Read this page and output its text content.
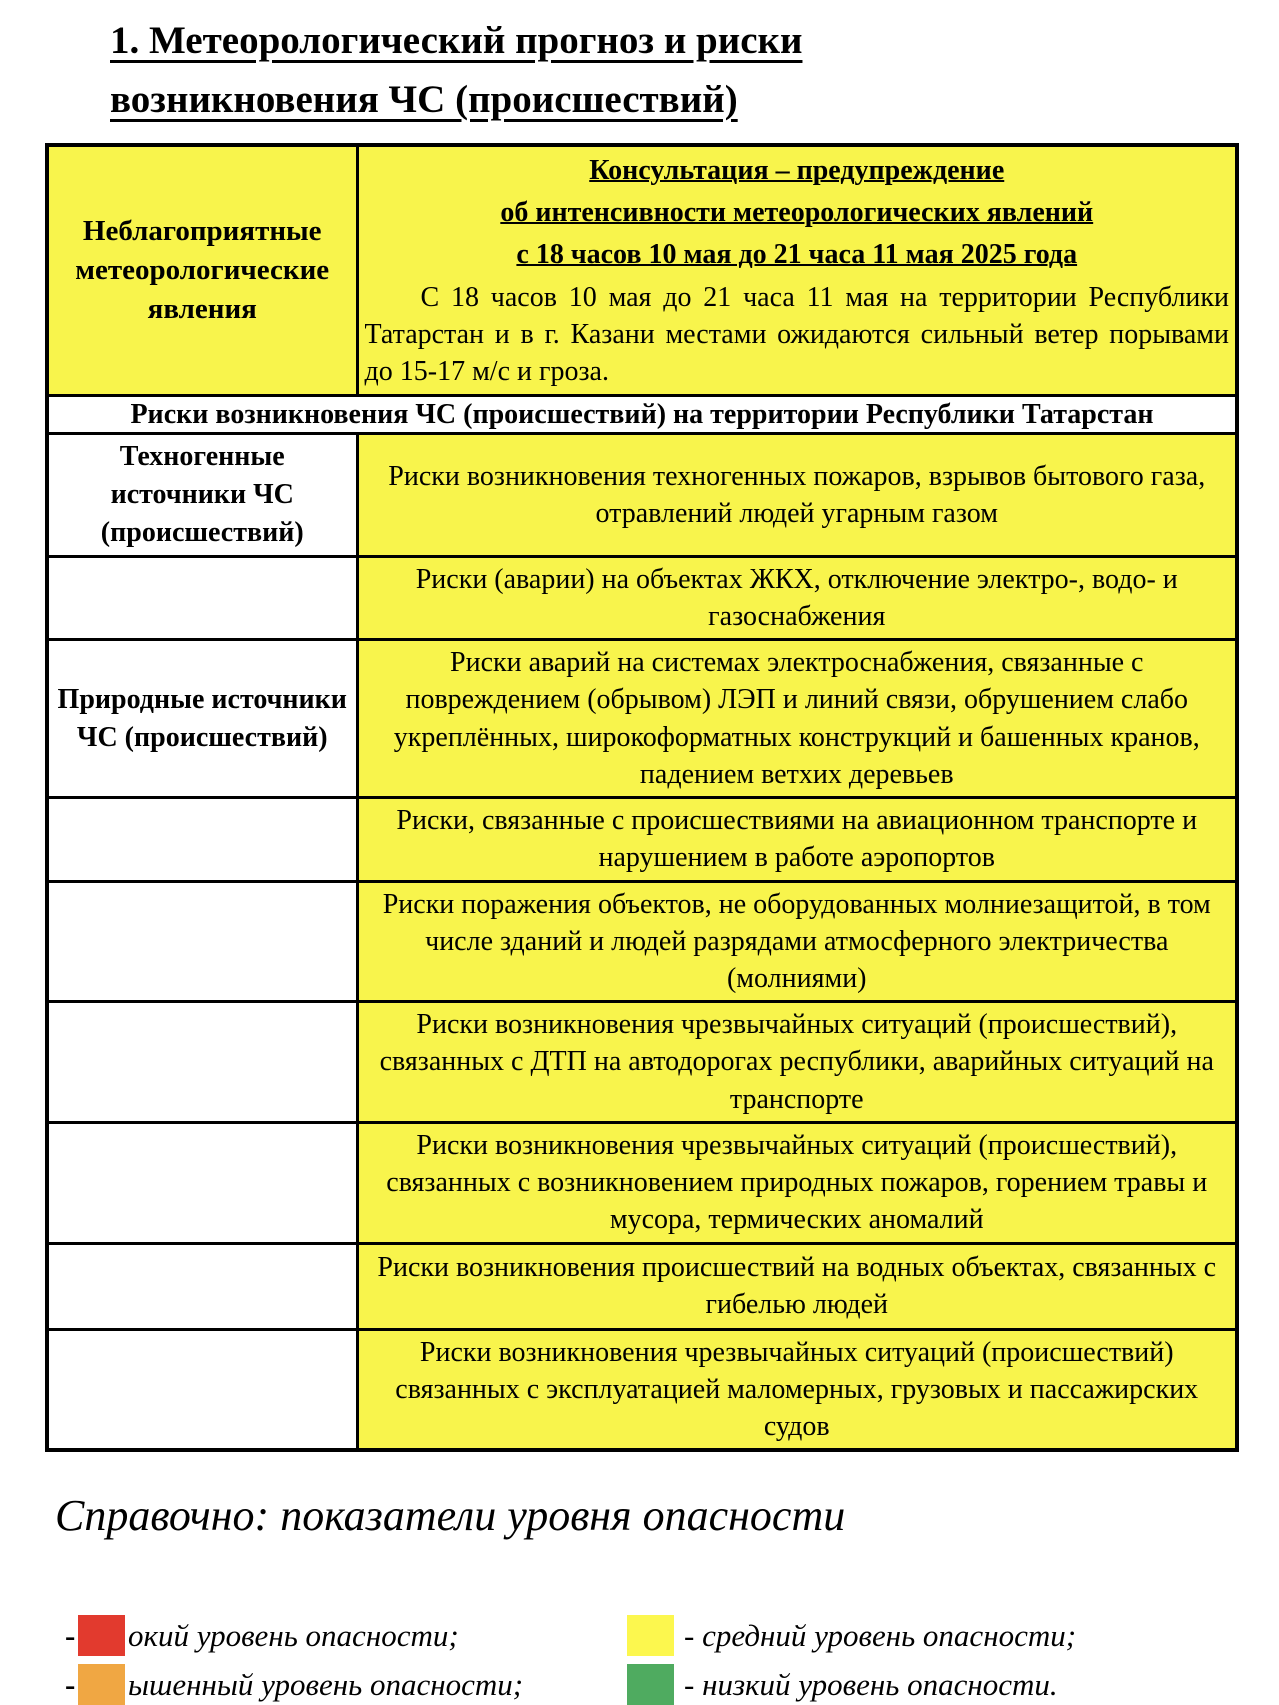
1. Метеорологический прогноз и риски
возникновения ЧС (происшествий)
Неблагоприятные метеорологические явления	Консультация – предупреждение
об интенсивности метеорологических явлений
с 18 часов 10 мая до 21 часа 11 мая 2025 года
С 18 часов 10 мая до 21 часа 11 мая на территории Республики Татарстан и в г. Казани местами ожидаются сильный ветер порывами до 15-17 м/с и гроза.

Риски возникновения ЧС (происшествий) на территории Республики Татарстан	
Техногенные источники ЧС (происшествий)	Риски возникновения техногенных пожаров, взрывов бытового газа, отравлений людей угарным газом
	Риски (аварии) на объектах ЖКХ, отключение электро-, водо- и газоснабжения
Природные источники ЧС (происшествий)	Риски аварий на системах электроснабжения, связанные с повреждением (обрывом) ЛЭП и линий связи, обрушением слабо укреплённых, широкоформатных конструкций и башенных кранов, падением ветхих деревьев
	Риски, связанные с происшествиями на авиационном транспорте и нарушением в работе аэропортов
	Риски поражения объектов, не оборудованных молниезащитой, в том числе зданий и людей разрядами атмосферного электричества (молниями)
	Риски возникновения чрезвычайных ситуаций (происшествий), связанных с ДТП на автодорогах республики, аварийных ситуаций на транспорте
	Риски возникновения чрезвычайных ситуаций (происшествий), связанных с возникновением природных пожаров, горением травы и мусора, термических аномалий
	Риски возникновения происшествий на водных объектах, связанных с гибелью людей
	Риски возникновения чрезвычайных ситуаций (происшествий) связанных с эксплуатацией маломерных, грузовых и пассажирских судов
Справочно: показатели уровня опасности
- окий уровень опасности;	- средний уровень опасности;
- ышенный уровень опасности;	- низкий уровень опасности.
